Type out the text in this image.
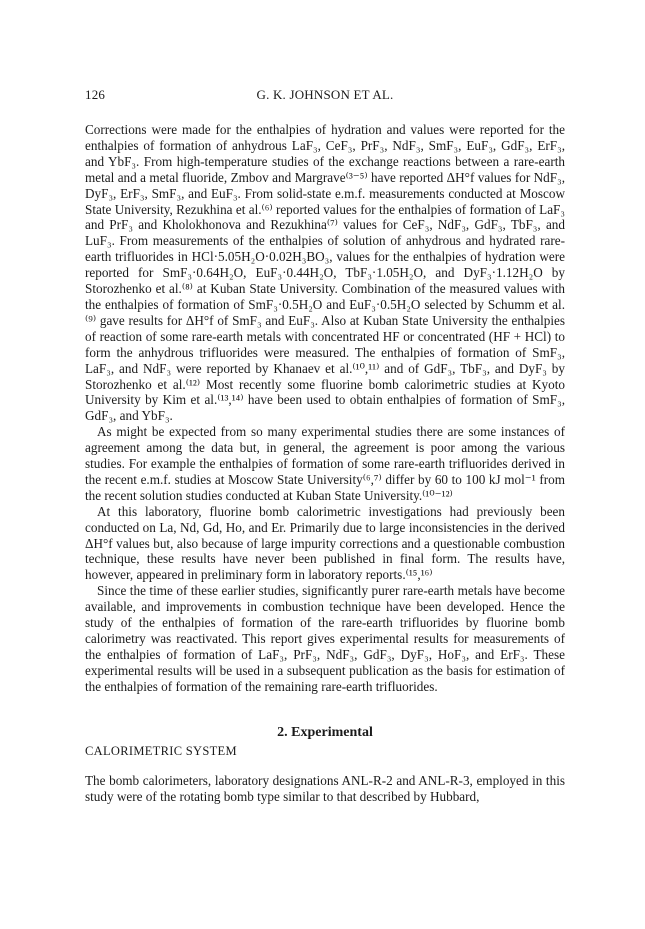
126	G. K. JOHNSON ET AL.

Corrections were made for the enthalpies of hydration and values were reported for the enthalpies of formation of anhydrous LaF₃, CeF₃, PrF₃, NdF₃, SmF₃, EuF₃, GdF₃, ErF₃, and YbF₃. From high-temperature studies of the exchange reactions between a rare-earth metal and a metal fluoride, Zmbov and Margrave⁽³⁻⁵⁾ have reported ΔH°f values for NdF₃, DyF₃, ErF₃, SmF₃, and EuF₃. From solid-state e.m.f. measurements conducted at Moscow State University, Rezukhina et al.⁽⁶⁾ reported values for the enthalpies of formation of LaF₃ and PrF₃ and Kholokhonova and Rezukhina⁽⁷⁾ values for CeF₃, NdF₃, GdF₃, TbF₃, and LuF₃. From measurements of the enthalpies of solution of anhydrous and hydrated rare-earth trifluorides in HCl·5.05H₂O·0.02H₃BO₃, values for the enthalpies of hydration were reported for SmF₃·0.64H₂O, EuF₃·0.44H₂O, TbF₃·1.05H₂O, and DyF₃·1.12H₂O by Storozhenko et al.⁽⁸⁾ at Kuban State University. Combination of the measured values with the enthalpies of formation of SmF₃·0.5H₂O and EuF₃·0.5H₂O selected by Schumm et al.⁽⁹⁾ gave results for ΔH°f of SmF₃ and EuF₃. Also at Kuban State University the enthalpies of reaction of some rare-earth metals with concentrated HF or concentrated (HF + HCl) to form the anhydrous trifluorides were measured. The enthalpies of formation of SmF₃, LaF₃, and NdF₃ were reported by Khanaev et al.⁽¹⁰,¹¹⁾ and of GdF₃, TbF₃, and DyF₃ by Storozhenko et al.⁽¹²⁾ Most recently some fluorine bomb calorimetric studies at Kyoto University by Kim et al.⁽¹³,¹⁴⁾ have been used to obtain enthalpies of formation of SmF₃, GdF₃, and YbF₃.

As might be expected from so many experimental studies there are some instances of agreement among the data but, in general, the agreement is poor among the various studies. For example the enthalpies of formation of some rare-earth trifluorides derived in the recent e.m.f. studies at Moscow State University⁽⁶,⁷⁾ differ by 60 to 100 kJ mol⁻¹ from the recent solution studies conducted at Kuban State University.⁽¹⁰⁻¹²⁾

At this laboratory, fluorine bomb calorimetric investigations had previously been conducted on La, Nd, Gd, Ho, and Er. Primarily due to large inconsistencies in the derived ΔH°f values but, also because of large impurity corrections and a questionable combustion technique, these results have never been published in final form. The results have, however, appeared in preliminary form in laboratory reports.⁽¹⁵,¹⁶⁾

Since the time of these earlier studies, significantly purer rare-earth metals have become available, and improvements in combustion technique have been developed. Hence the study of the enthalpies of formation of the rare-earth trifluorides by fluorine bomb calorimetry was reactivated. This report gives experimental results for measurements of the enthalpies of formation of LaF₃, PrF₃, NdF₃, GdF₃, DyF₃, HoF₃, and ErF₃. These experimental results will be used in a subsequent publication as the basis for estimation of the enthalpies of formation of the remaining rare-earth trifluorides.

2. Experimental
CALORIMETRIC SYSTEM

The bomb calorimeters, laboratory designations ANL-R-2 and ANL-R-3, employed in this study were of the rotating bomb type similar to that described by Hubbard,
